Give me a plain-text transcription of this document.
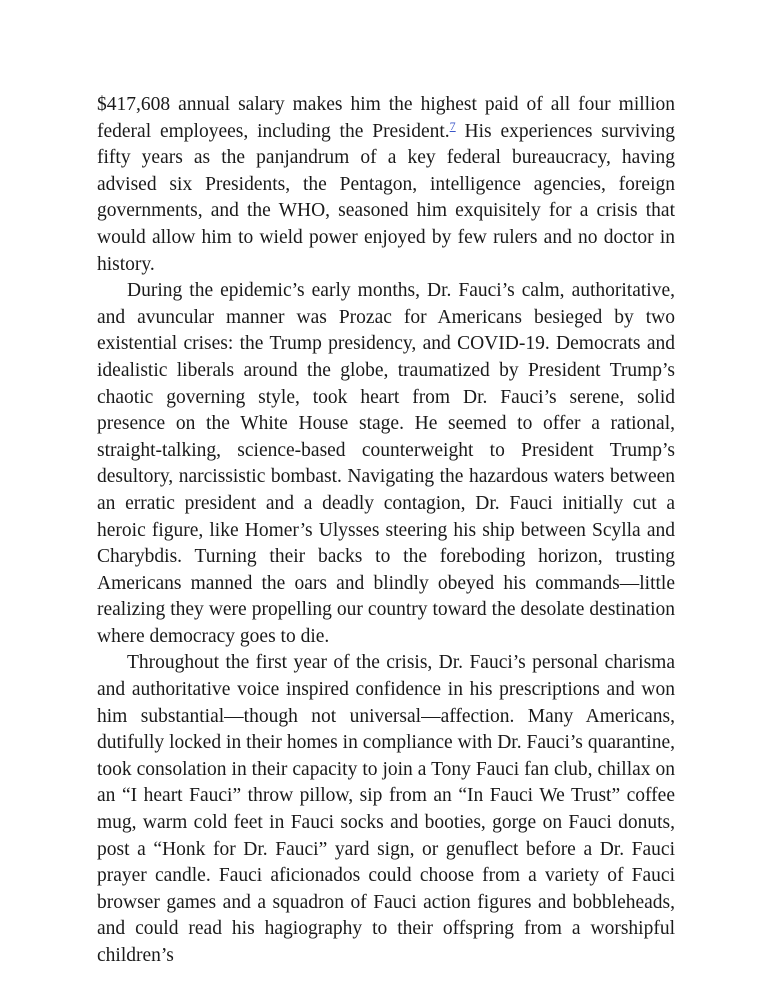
$417,608 annual salary makes him the highest paid of all four million federal employees, including the President.$^7$ His experiences surviving fifty years as the panjandrum of a key federal bureaucracy, having advised six Presidents, the Pentagon, intelligence agencies, foreign governments, and the WHO, seasoned him exquisitely for a crisis that would allow him to wield power enjoyed by few rulers and no doctor in history.

During the epidemic’s early months, Dr. Fauci’s calm, authoritative, and avuncular manner was Prozac for Americans besieged by two existential crises: the Trump presidency, and COVID-19. Democrats and idealistic liberals around the globe, traumatized by President Trump’s chaotic governing style, took heart from Dr. Fauci’s serene, solid presence on the White House stage. He seemed to offer a rational, straight-talking, science-based counterweight to President Trump’s desultory, narcissistic bombast. Navigating the hazardous waters between an erratic president and a deadly contagion, Dr. Fauci initially cut a heroic figure, like Homer’s Ulysses steering his ship between Scylla and Charybdis. Turning their backs to the foreboding horizon, trusting Americans manned the oars and blindly obeyed his commands—little realizing they were propelling our country toward the desolate destination where democracy goes to die.

Throughout the first year of the crisis, Dr. Fauci’s personal charisma and authoritative voice inspired confidence in his prescriptions and won him substantial—though not universal—affection. Many Americans, dutifully locked in their homes in compliance with Dr. Fauci’s quarantine, took consolation in their capacity to join a Tony Fauci fan club, chillax on an “I heart Fauci” throw pillow, sip from an “In Fauci We Trust” coffee mug, warm cold feet in Fauci socks and booties, gorge on Fauci donuts, post a “Honk for Dr. Fauci” yard sign, or genuflect before a Dr. Fauci prayer candle. Fauci aficionados could choose from a variety of Fauci browser games and a squadron of Fauci action figures and bobbleheads, and could read his hagiography to their offspring from a worshipful children’s
